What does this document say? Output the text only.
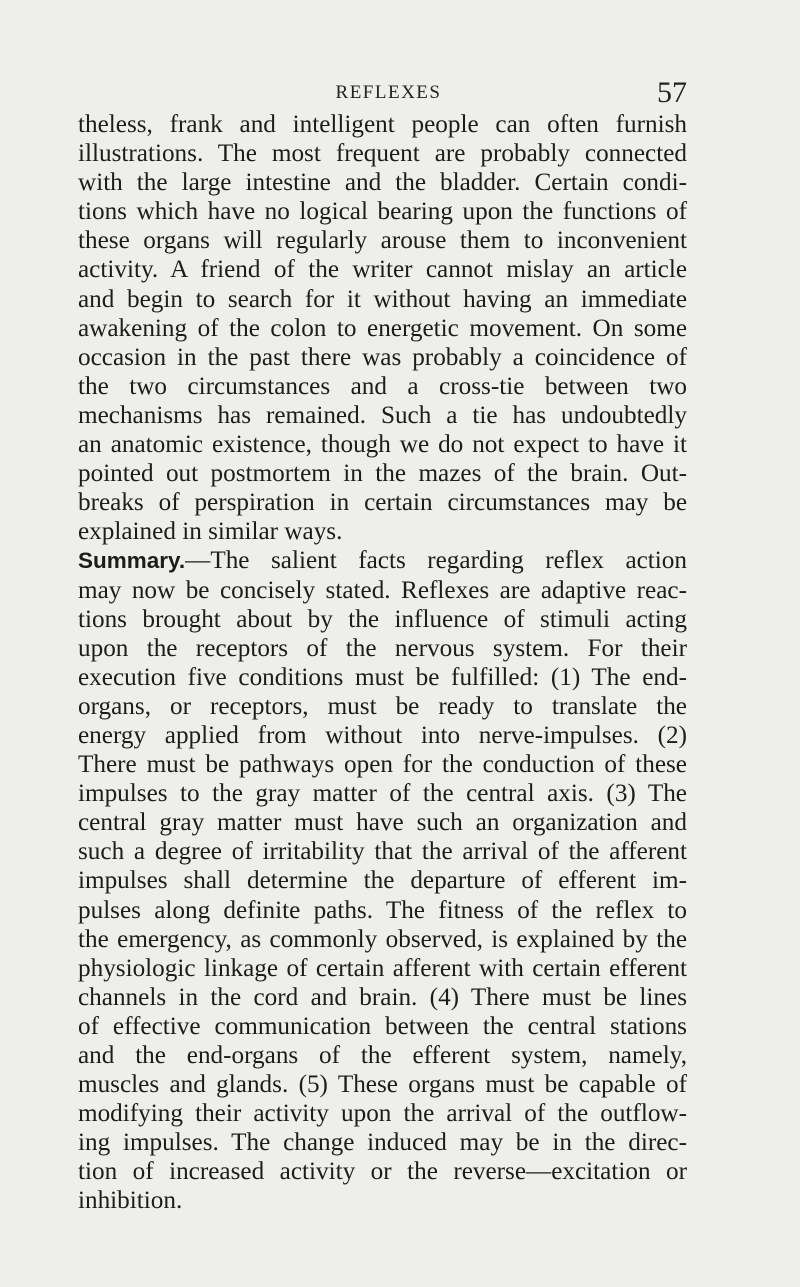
REFLEXES	57
theless, frank and intelligent people can often furnish
illustrations. The most frequent are probably connected
with the large intestine and the bladder. Certain condi-
tions which have no logical bearing upon the functions of
these organs will regularly arouse them to inconvenient
activity. A friend of the writer cannot mislay an article
and begin to search for it without having an immediate
awakening of the colon to energetic movement. On some
occasion in the past there was probably a coincidence of
the two circumstances and a cross-tie between two
mechanisms has remained. Such a tie has undoubtedly
an anatomic existence, though we do not expect to have it
pointed out postmortem in the mazes of the brain. Out-
breaks of perspiration in certain circumstances may be
explained in similar ways.
Summary.—The salient facts regarding reflex action
may now be concisely stated. Reflexes are adaptive reac-
tions brought about by the influence of stimuli acting
upon the receptors of the nervous system. For their
execution five conditions must be fulfilled: (1) The end-
organs, or receptors, must be ready to translate the
energy applied from without into nerve-impulses. (2)
There must be pathways open for the conduction of these
impulses to the gray matter of the central axis. (3) The
central gray matter must have such an organization and
such a degree of irritability that the arrival of the afferent
impulses shall determine the departure of efferent im-
pulses along definite paths. The fitness of the reflex to
the emergency, as commonly observed, is explained by the
physiologic linkage of certain afferent with certain efferent
channels in the cord and brain. (4) There must be lines
of effective communication between the central stations
and the end-organs of the efferent system, namely,
muscles and glands. (5) These organs must be capable of
modifying their activity upon the arrival of the outflow-
ing impulses. The change induced may be in the direc-
tion of increased activity or the reverse—excitation or
inhibition.
